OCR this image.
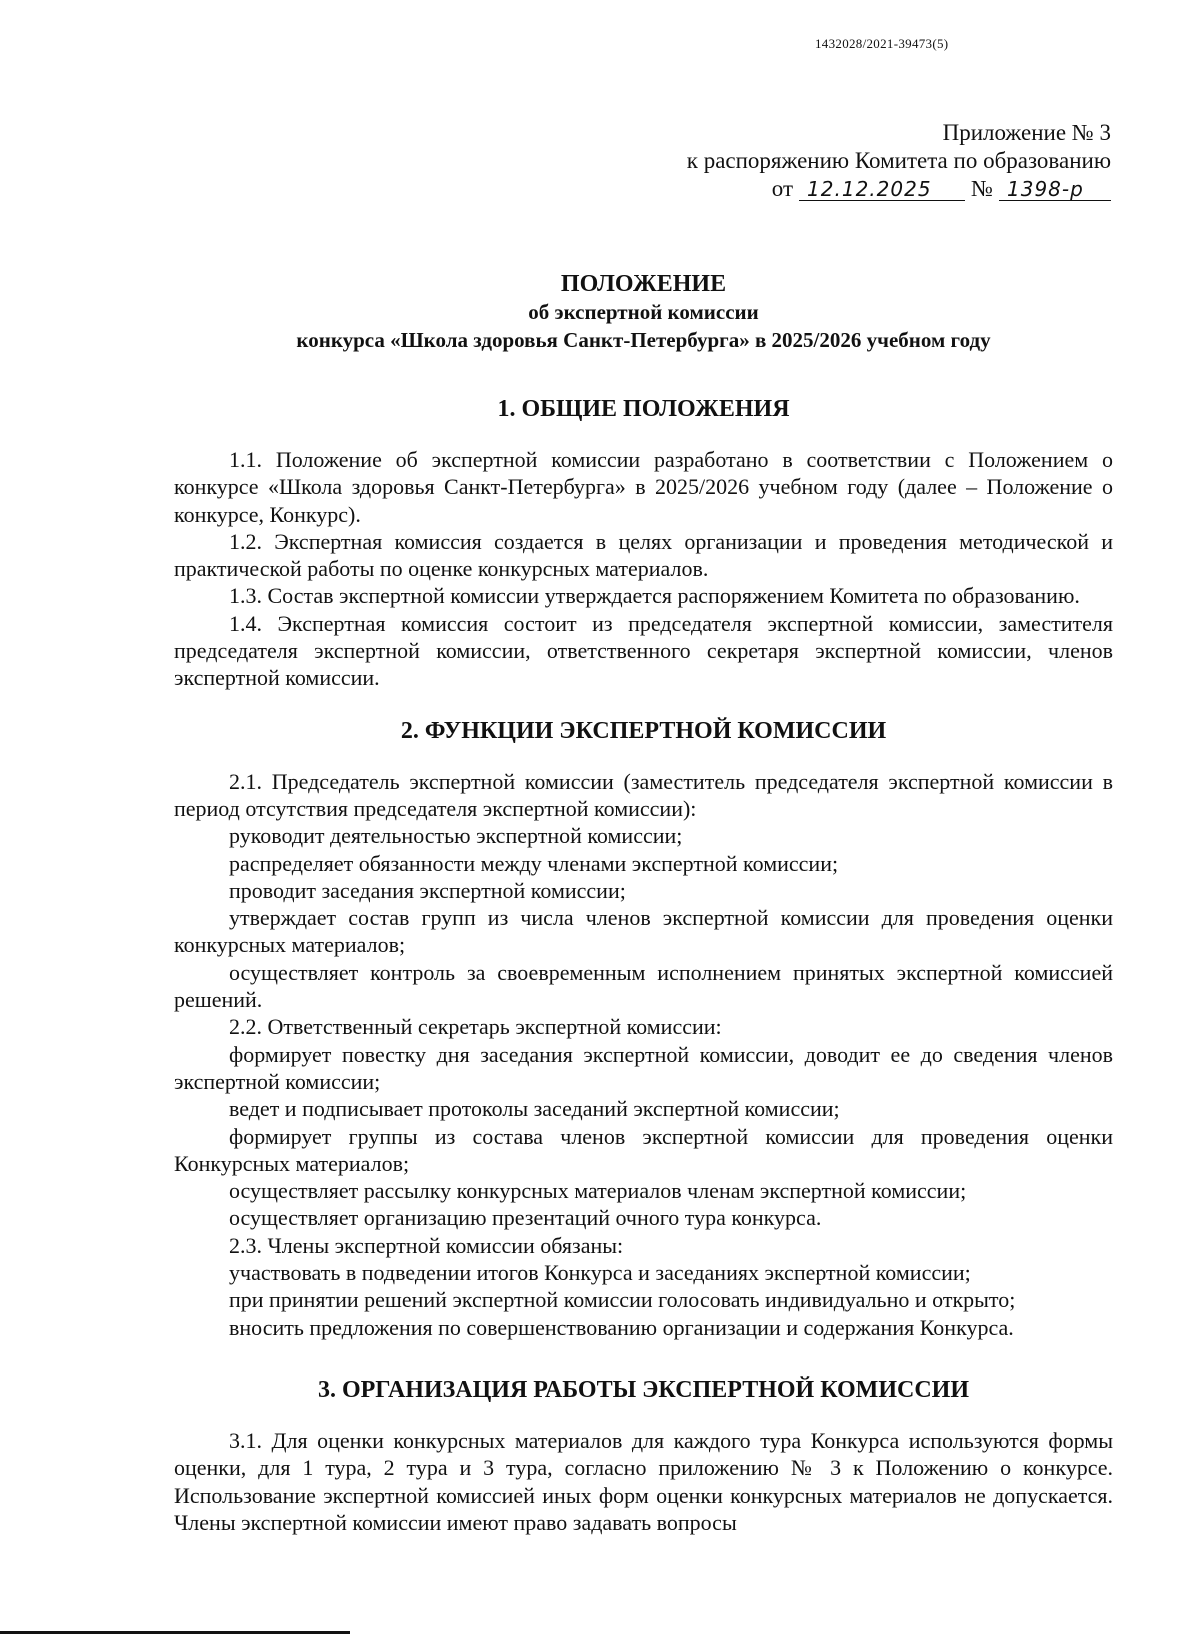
1432028/2021-39473(5)
Приложение № 3
к распоряжению Комитета по образованию
от 12.12.2025	№ 1398-р
ПОЛОЖЕНИЕ
об экспертной комиссии
конкурса «Школа здоровья Санкт-Петербурга» в 2025/2026 учебном году
1. ОБЩИЕ ПОЛОЖЕНИЯ

1.1. Положение об экспертной комиссии разработано в соответствии с Положением о конкурсе «Школа здоровья Санкт-Петербурга» в 2025/2026 учебном году (далее – Положение о конкурсе, Конкурс).

1.2. Экспертная комиссия создается в целях организации и проведения методической и практической работы по оценке конкурсных материалов.

1.3. Состав экспертной комиссии утверждается распоряжением Комитета по образованию.

1.4. Экспертная комиссия состоит из председателя экспертной комиссии, заместителя председателя экспертной комиссии, ответственного секретаря экспертной комиссии, членов экспертной комиссии.

2. ФУНКЦИИ ЭКСПЕРТНОЙ КОМИССИИ

2.1. Председатель экспертной комиссии (заместитель председателя экспертной комиссии в период отсутствия председателя экспертной комиссии):

руководит деятельностью экспертной комиссии;

распределяет обязанности между членами экспертной комиссии;

проводит заседания экспертной комиссии;

утверждает состав групп из числа членов экспертной комиссии для проведения оценки конкурсных материалов;

осуществляет контроль за своевременным исполнением принятых экспертной комиссией решений.

2.2. Ответственный секретарь экспертной комиссии:

формирует повестку дня заседания экспертной комиссии, доводит ее до сведения членов экспертной комиссии;

ведет и подписывает протоколы заседаний экспертной комиссии;

формирует группы из состава членов экспертной комиссии для проведения оценки Конкурсных материалов;

осуществляет рассылку конкурсных материалов членам экспертной комиссии;

осуществляет организацию презентаций очного тура конкурса.

2.3. Члены экспертной комиссии обязаны:

участвовать в подведении итогов Конкурса и заседаниях экспертной комиссии;

при принятии решений экспертной комиссии голосовать индивидуально и открыто;

вносить предложения по совершенствованию организации и содержания Конкурса.

3. ОРГАНИЗАЦИЯ РАБОТЫ ЭКСПЕРТНОЙ КОМИССИИ

3.1. Для оценки конкурсных материалов для каждого тура Конкурса используются формы оценки, для 1 тура, 2 тура и 3 тура, согласно приложению № 3 к Положению о конкурсе. Использование экспертной комиссией иных форм оценки конкурсных материалов не допускается. Члены экспертной комиссии имеют право задавать вопросы
